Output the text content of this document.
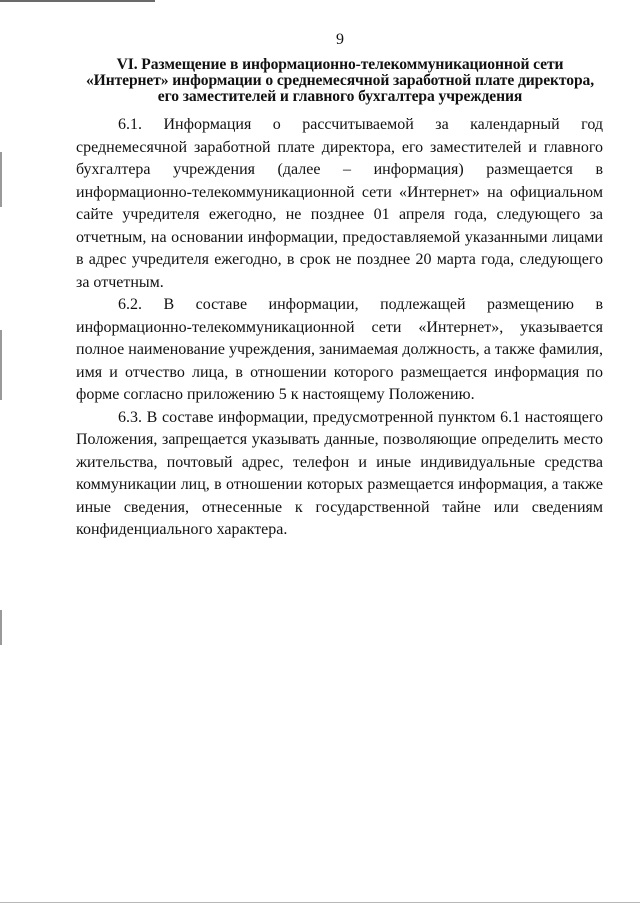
9
VI. Размещение в информационно-телекоммуникационной сети
«Интернет» информации о среднемесячной заработной плате директора,
его заместителей и главного бухгалтера учреждения

6.1. Информация о рассчитываемой за календарный год среднемесячной заработной плате директора, его заместителей и главного бухгалтера учреждения (далее – информация) размещается в информационно-телекоммуникационной сети «Интернет» на официальном сайте учредителя ежегодно, не позднее 01 апреля года, следующего за отчетным, на основании информации, предоставляемой указанными лицами в адрес учредителя ежегодно, в срок не позднее 20 марта года, следующего за отчетным.

6.2. В составе информации, подлежащей размещению в информационно-телекоммуникационной сети «Интернет», указывается полное наименование учреждения, занимаемая должность, а также фамилия, имя и отчество лица, в отношении которого размещается информация по форме согласно приложению 5 к настоящему Положению.

6.3. В составе информации, предусмотренной пунктом 6.1 настоящего Положения, запрещается указывать данные, позволяющие определить место жительства, почтовый адрес, телефон и иные индивидуальные средства коммуникации лиц, в отношении которых размещается информация, а также иные сведения, отнесенные к государственной тайне или сведениям конфиденциального характера.
